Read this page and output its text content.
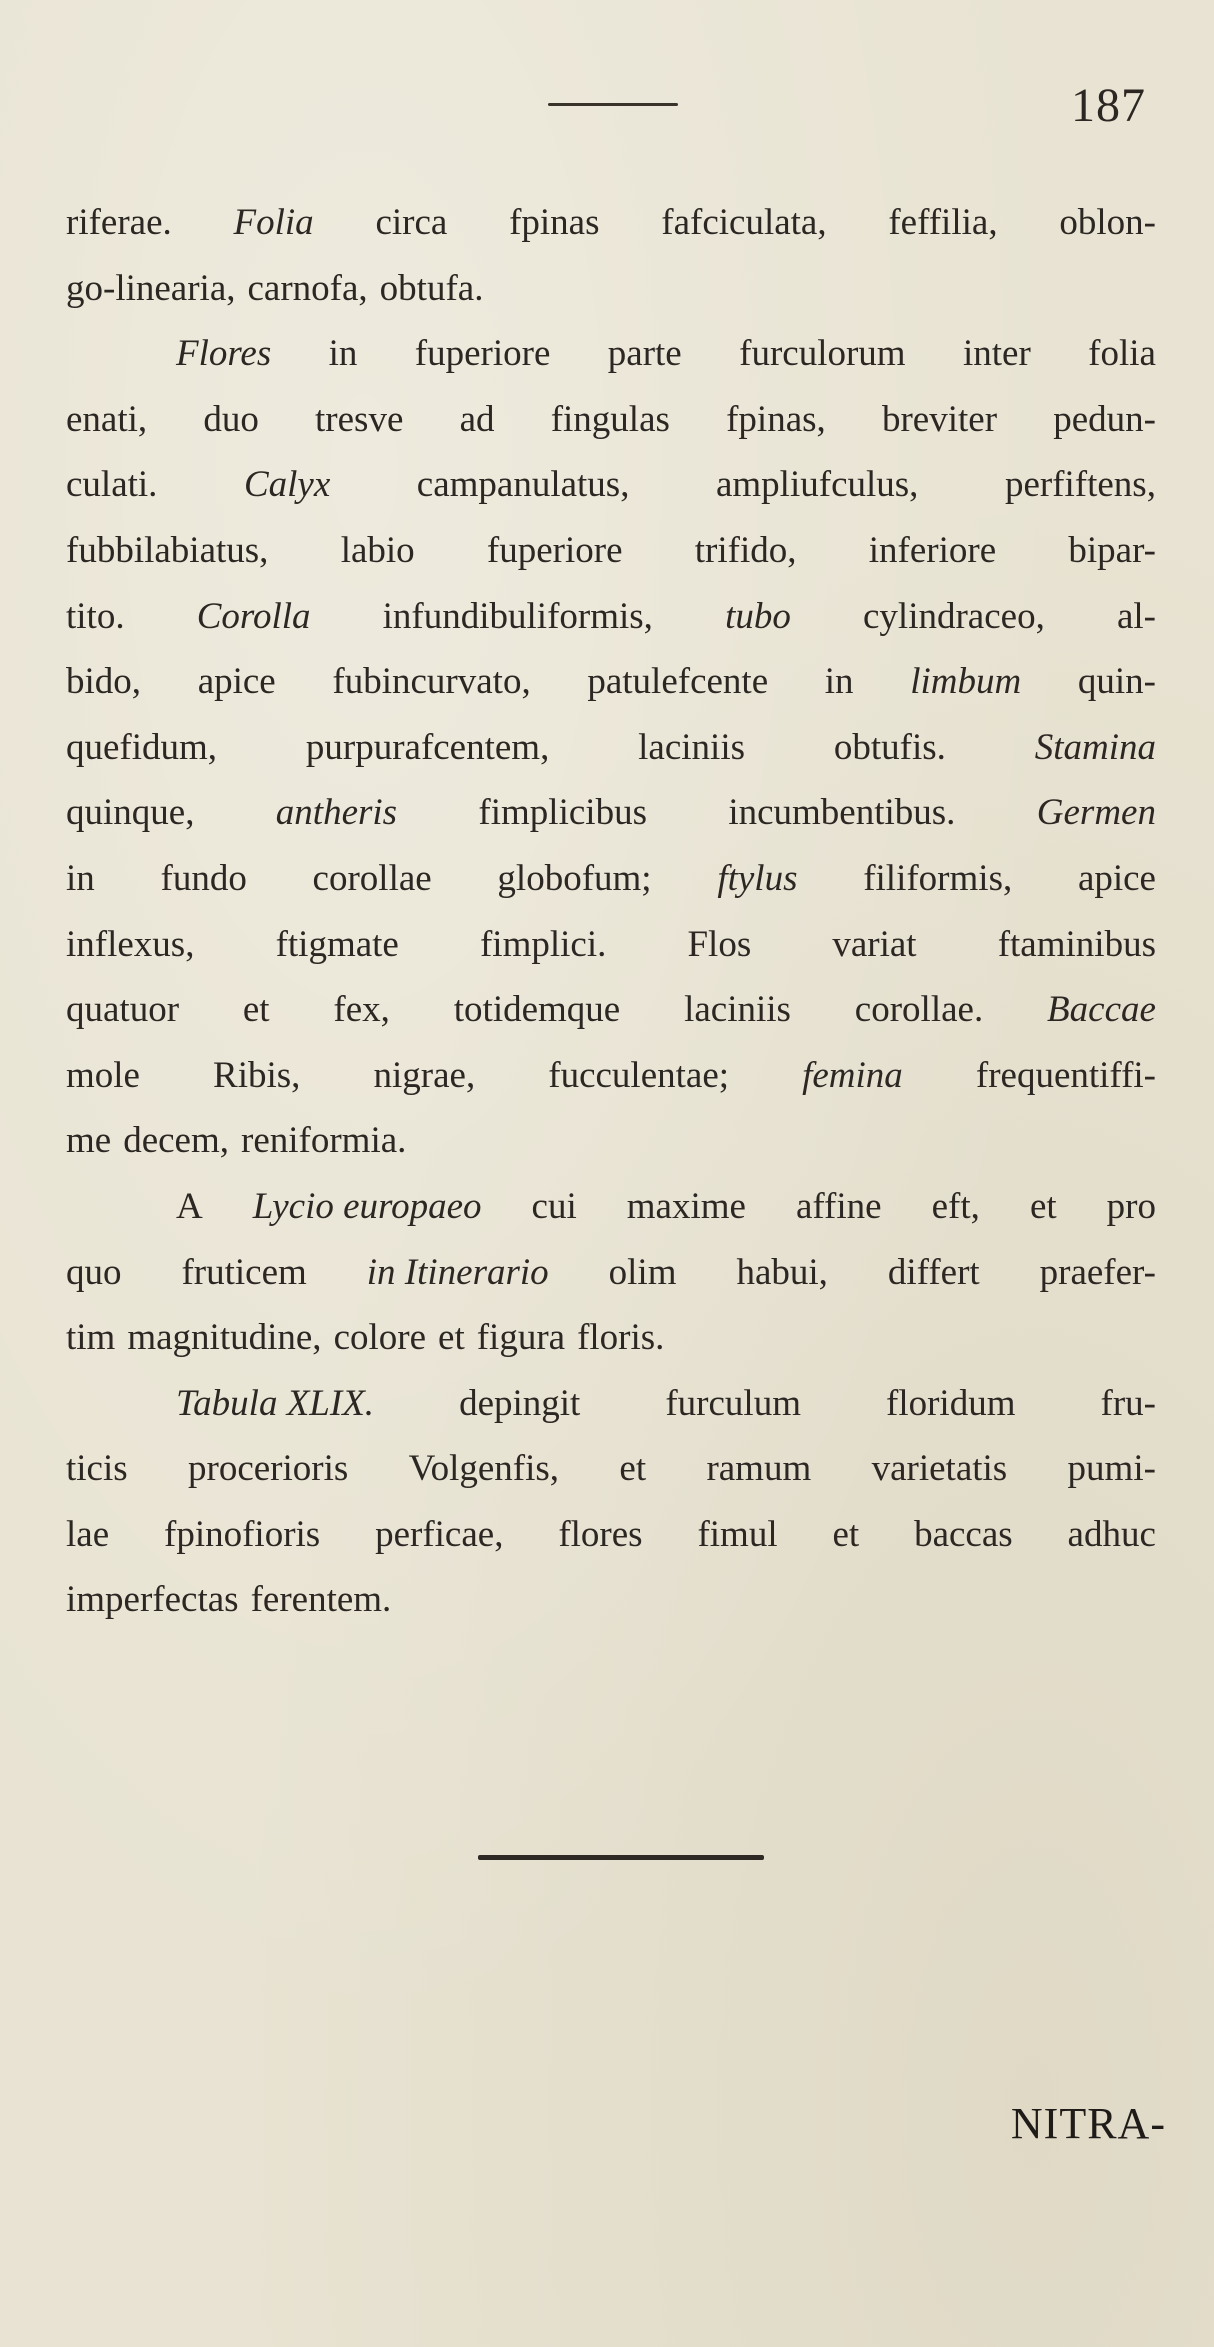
187
riferae. Folia circa fpinas fafciculata, feffilia, oblon-
go-linearia, carnofa, obtufa.
Flores in fuperiore parte furculorum inter folia
enati, duo tresve ad fingulas fpinas, breviter pedun-
culati. Calyx campanulatus, ampliufculus, perfiftens,
fubbilabiatus, labio fuperiore trifido, inferiore bipar-
tito. Corolla infundibuliformis, tubo cylindraceo, al-
bido, apice fubincurvato, patulefcente in limbum quin-
quefidum, purpurafcentem, laciniis obtufis. Stamina
quinque, antheris fimplicibus incumbentibus. Germen
in fundo corollae globofum; ftylus filiformis, apice
inflexus, ftigmate fimplici. Flos variat ftaminibus
quatuor et fex, totidemque laciniis corollae. Baccae
mole Ribis, nigrae, fucculentae; femina frequentiffi-
me decem, reniformia.
A Lycio europaeo cui maxime affine eft, et pro
quo fruticem in Itinerario olim habui, differt praefer-
tim magnitudine, colore et figura floris.
Tabula XLIX. depingit furculum floridum fru-
ticis procerioris Volgenfis, et ramum varietatis pumi-
lae fpinofioris perficae, flores fimul et baccas adhuc
imperfectas ferentem.
NITRA-
